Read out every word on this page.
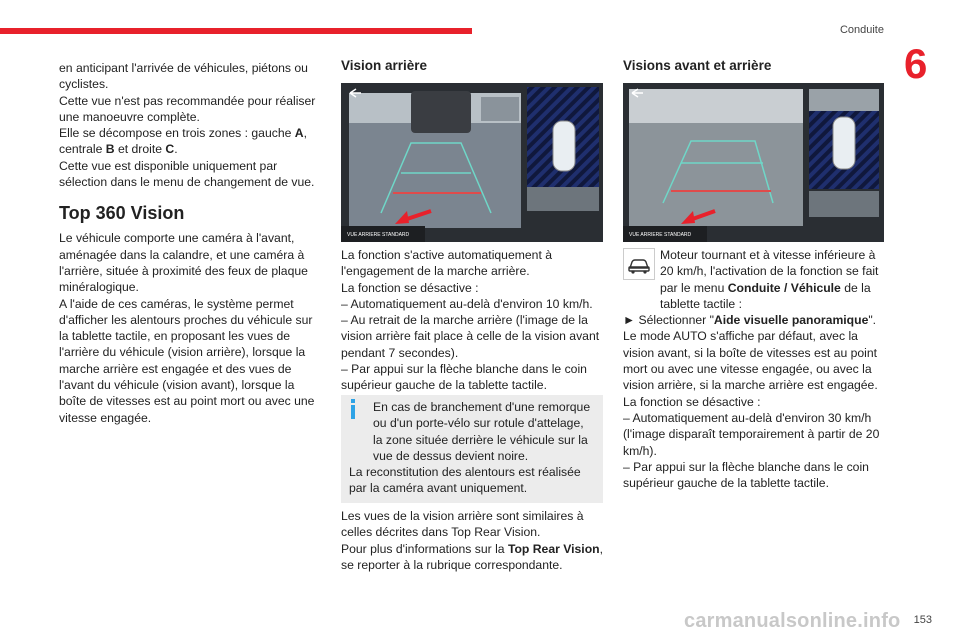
Conduite
6

en anticipant l'arrivée de véhicules, piétons ou cyclistes.

Cette vue n'est pas recommandée pour réaliser une manoeuvre complète.

Elle se décompose en trois zones : gauche A, centrale B et droite C.

Cette vue est disponible uniquement par sélection dans le menu de changement de vue.

Top 360 Vision

Le véhicule comporte une caméra à l'avant, aménagée dans la calandre, et une caméra à l'arrière, située à proximité des feux de plaque minéralogique.

A l'aide de ces caméras, le système permet d'afficher les alentours proches du véhicule sur la tablette tactile, en proposant les vues de l'arrière du véhicule (vision arrière), lorsque la marche arrière est engagée et des vues de l'avant du véhicule (vision avant), lorsque la boîte de vitesses est au point mort ou avec une vitesse engagée.

Vision arrière
VUE ARRIERE STANDARD

La fonction s'active automatiquement à l'engagement de la marche arrière.

La fonction se désactive :

– Automatiquement au-delà d'environ 10 km/h.

– Au retrait de la marche arrière (l'image de la vision arrière fait place à celle de la vision avant pendant 7 secondes).

– Par appui sur la flèche blanche dans le coin supérieur gauche de la tablette tactile.

En cas de branchement d'une remorque ou d'un porte-vélo sur rotule d'attelage, la zone située derrière le véhicule sur la vue de dessus devient noire.

La reconstitution des alentours est réalisée par la caméra avant uniquement.

Les vues de la vision arrière sont similaires à celles décrites dans Top Rear Vision.

Pour plus d'informations sur la Top Rear Vision, se reporter à la rubrique correspondante.

Visions avant et arrière
VUE ARRIERE STANDARD

Moteur tournant et à vitesse inférieure à 20 km/h, l'activation de la fonction se fait par le menu Conduite / Véhicule de la tablette tactile :

► Sélectionner "Aide visuelle panoramique".

Le mode AUTO s'affiche par défaut, avec la vision avant, si la boîte de vitesses est au point mort ou avec une vitesse engagée, ou avec la vision arrière, si la marche arrière est engagée.

La fonction se désactive :

– Automatiquement au-delà d'environ 30 km/h (l'image disparaît temporairement à partir de 20 km/h).

– Par appui sur la flèche blanche dans le coin supérieur gauche de la tablette tactile.

153
carmanualsonline.info
